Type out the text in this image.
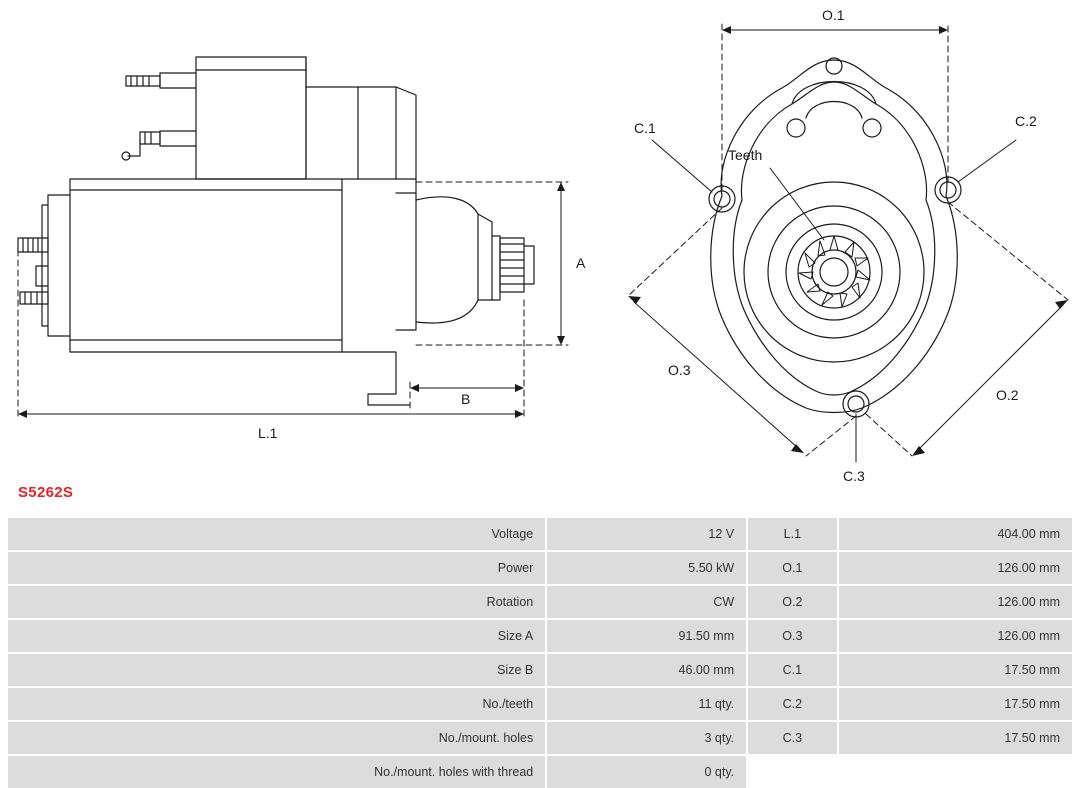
A
B
L.1
O.1
O.2
O.3
C.1	C.2
C.3
Teeth
S5262S
Voltage	12 V	L.1	404.00 mm
Power	5.50 kW	O.1	126.00 mm
Rotation	CW	O.2	126.00 mm
Size A	91.50 mm	O.3	126.00 mm
Size B	46.00 mm	C.1	17.50 mm
No./teeth	11 qty.	C.2	17.50 mm
No./mount. holes	3 qty.	C.3	17.50 mm
No./mount. holes with thread	0 qty.		
